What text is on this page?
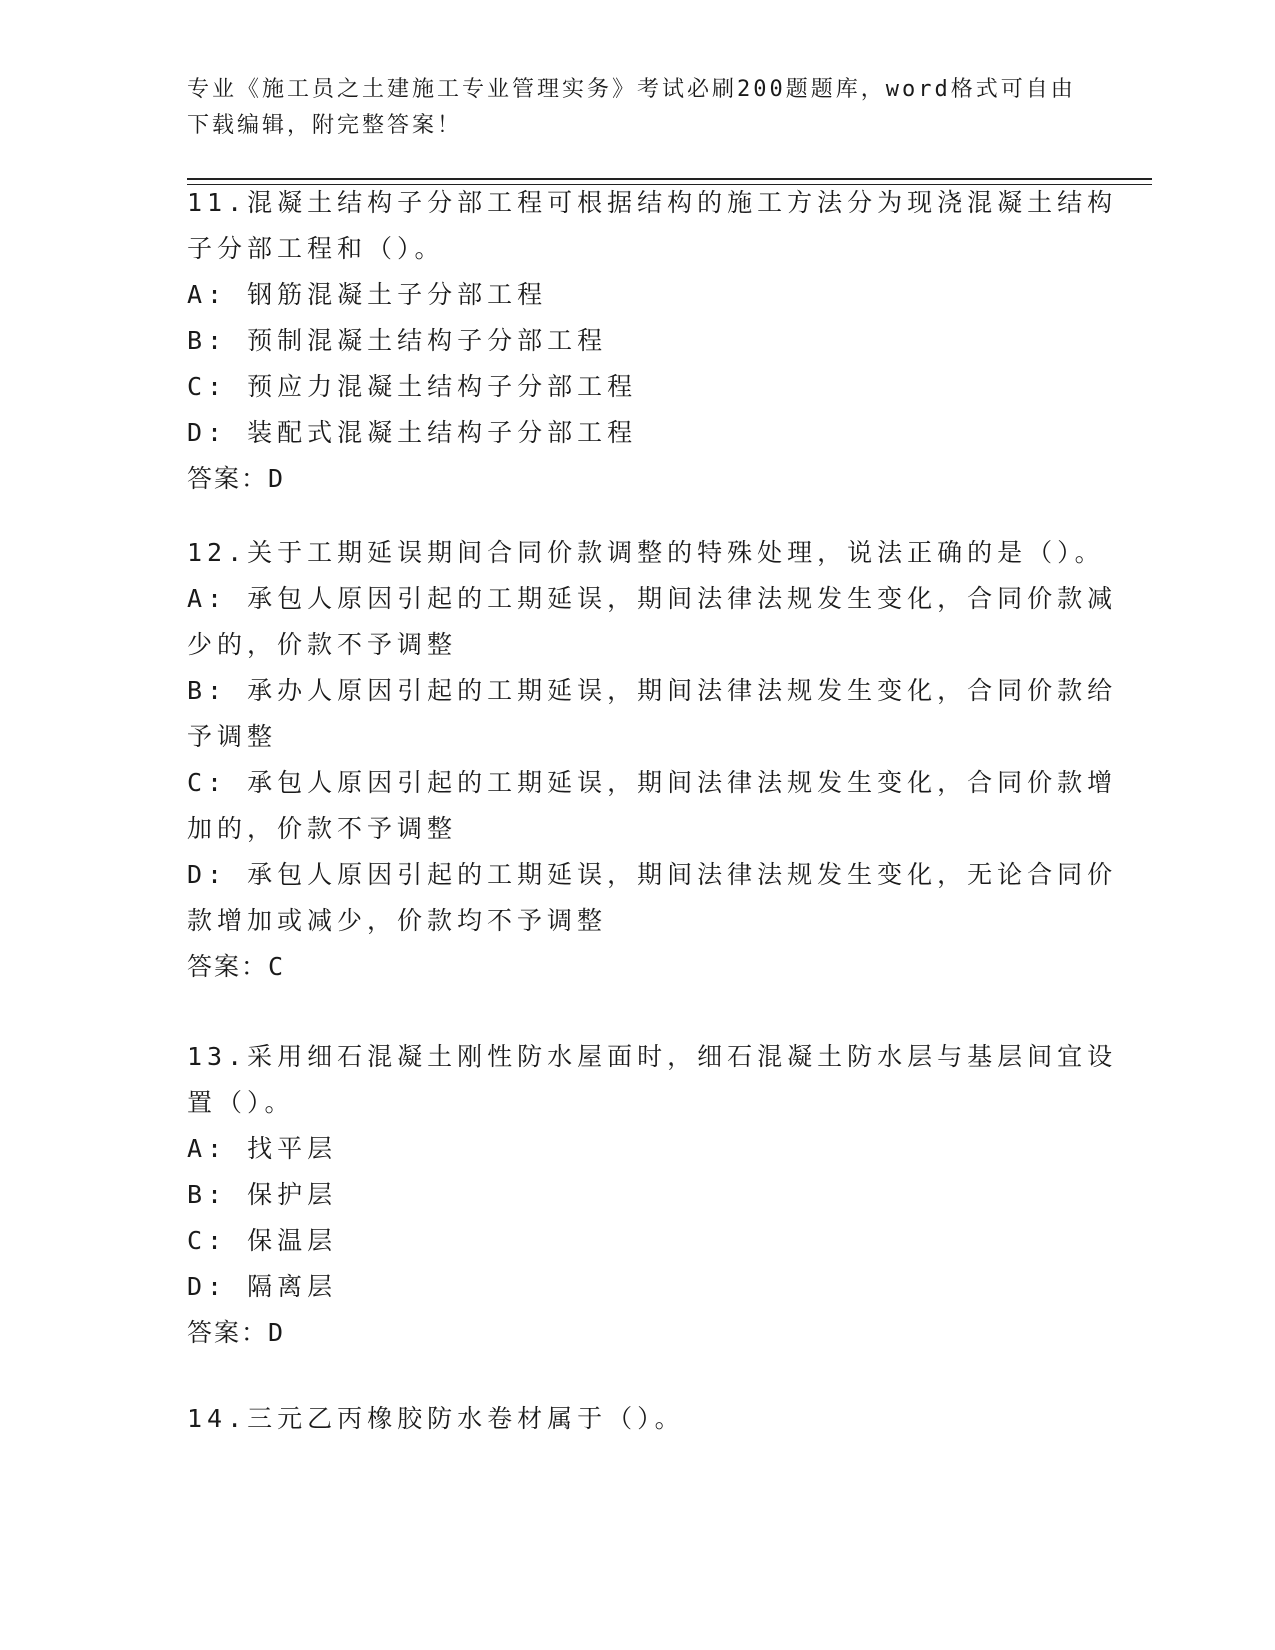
专业《施工员之土建施工专业管理实务》考试必刷200题题库，word格式可自由
下载编辑，附完整答案！
11.混凝土结构子分部工程可根据结构的施工方法分为现浇混凝土结构
子分部工程和（）。
A: 钢筋混凝土子分部工程
B: 预制混凝土结构子分部工程
C: 预应力混凝土结构子分部工程
D: 装配式混凝土结构子分部工程
答案：D
12.关于工期延误期间合同价款调整的特殊处理，说法正确的是（）。
A: 承包人原因引起的工期延误，期间法律法规发生变化，合同价款减
少的，价款不予调整
B: 承办人原因引起的工期延误，期间法律法规发生变化，合同价款给
予调整
C: 承包人原因引起的工期延误，期间法律法规发生变化，合同价款增
加的，价款不予调整
D: 承包人原因引起的工期延误，期间法律法规发生变化，无论合同价
款增加或减少，价款均不予调整
答案：C
13.采用细石混凝土刚性防水屋面时，细石混凝土防水层与基层间宜设
置（）。
A: 找平层
B: 保护层
C: 保温层
D: 隔离层
答案：D
14.三元乙丙橡胶防水卷材属于（）。
